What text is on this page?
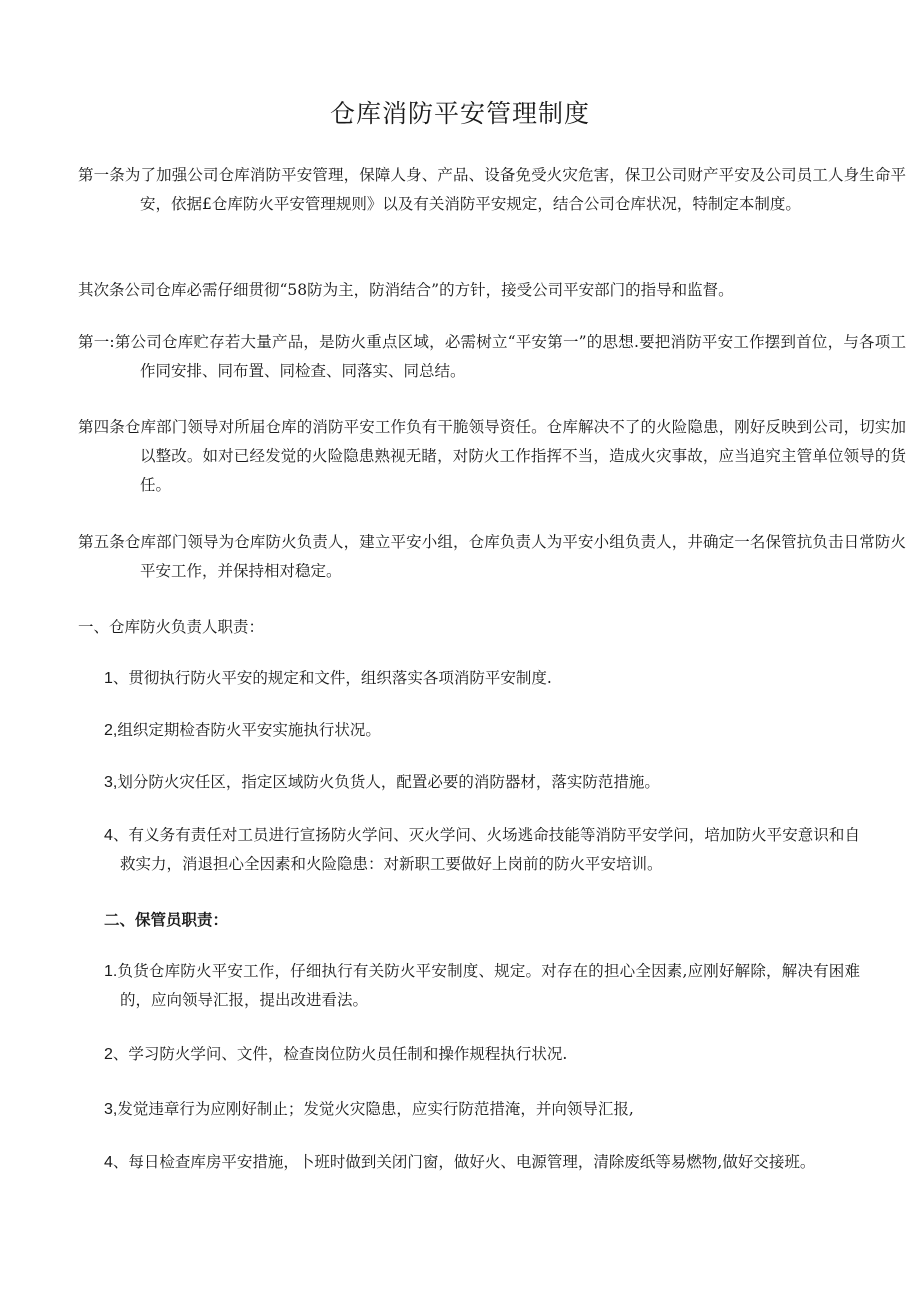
仓库消防平安管理制度

第一条为了加强公司仓库消防平安管理，保障人身、产品、设备免受火灾危害，保卫公司财产平安及公司员工人身生命平安，依据£仓库防火平安管理规则》以及有关消防平安规定，结合公司仓库状况，特制定本制度。

其次条公司仓库必需仔细贯彻“58防为主，防消结合”的方针，接受公司平安部门的指导和监督。

第一:第公司仓库贮存若大量产品，是防火重点区域，必需树立“平安第一”的思想.要把消防平安工作摆到首位，与各项工作同安排、同布置、同检查、同落实、同总结。

第四条仓库部门领导对所届仓库的消防平安工作负有干脆领导资任。仓库解决不了的火险隐患，刚好反映到公司，切实加以整改。如对已经发觉的火险隐患熟视无睹，对防火工作指挥不当，造成火灾事故，应当追究主管单位领导的货任。

第五条仓库部门领导为仓库防火负责人，建立平安小组，仓库负责人为平安小组负责人，井确定一名保管抗负击日常防火平安工作，并保持相对稳定。

一、仓库防火负责人职责：

1、贯彻执行防火平安的规定和文件，组织落实各项消防平安制度.

2,组织定期检杳防火平安实施执行状况。

3,划分防火灾任区，指定区域防火负货人，配置必要的消防器材，落实防范措施。

4、有义务有责任对工员进行宣扬防火学问、灭火学问、火场逃命技能等消防平安学问，培加防火平安意识和自救实力，消退担心全因素和火险隐患：对新职工要做好上岗前的防火平安培训。

二、保管员职责：

1.负货仓库防火平安工作，仔细执行有关防火平安制度、规定。对存在的担心全因素,应刚好解除，解决有困难的，应向领导汇报，提出改进看法。

2、学习防火学问、文件，检查岗位防火员任制和操作规程执行状况.

3,发觉违章行为应刚好制止；发觉火灾隐患，应实行防范措淹，并向领导汇报,

4、每日检查库房平安措施，卜班时做到关闭门窗，做好火、电源管理，清除废纸等易燃物,做好交接班。
